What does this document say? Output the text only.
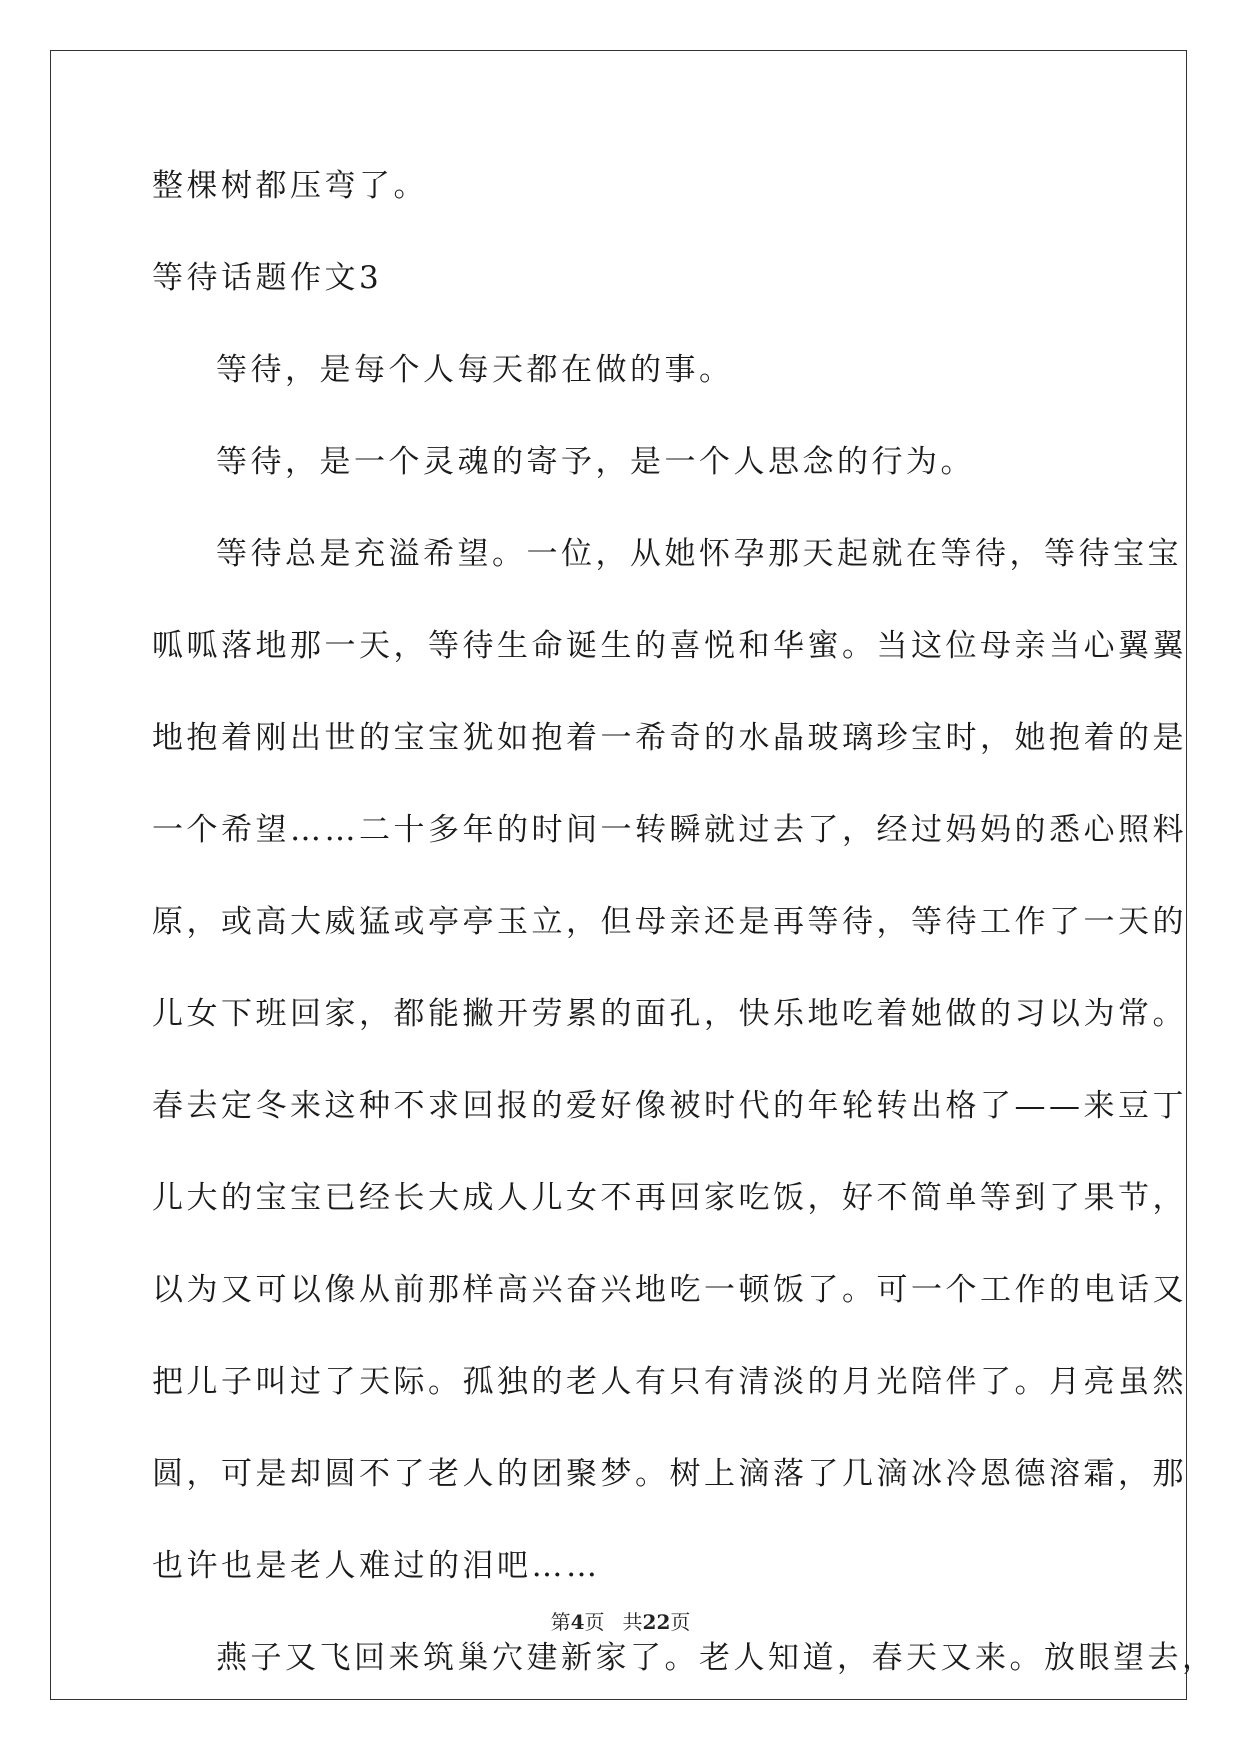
整棵树都压弯了。
等待话题作文3
等待，是每个人每天都在做的事。
等待，是一个灵魂的寄予，是一个人思念的行为。
等待总是充溢希望。一位，从她怀孕那天起就在等待，等待宝宝
呱呱落地那一天，等待生命诞生的喜悦和华蜜。当这位母亲当心翼翼
地抱着刚出世的宝宝犹如抱着一希奇的水晶玻璃珍宝时，她抱着的是
一个希望……二十多年的时间一转瞬就过去了，经过妈妈的悉心照料
原，或高大威猛或亭亭玉立，但母亲还是再等待，等待工作了一天的
儿女下班回家，都能撇开劳累的面孔，快乐地吃着她做的习以为常。
春去定冬来这种不求回报的爱好像被时代的年轮转出格了——来豆丁
儿大的宝宝已经长大成人儿女不再回家吃饭，好不简单等到了果节，
以为又可以像从前那样高兴奋兴地吃一顿饭了。可一个工作的电话又
把儿子叫过了天际。孤独的老人有只有清淡的月光陪伴了。月亮虽然
圆，可是却圆不了老人的团聚梦。树上滴落了几滴冰冷恩德溶霜，那
也许也是老人难过的泪吧……
燕子又飞回来筑巢穴建新家了。老人知道，春天又来。放眼望去，
第4页 共22页
